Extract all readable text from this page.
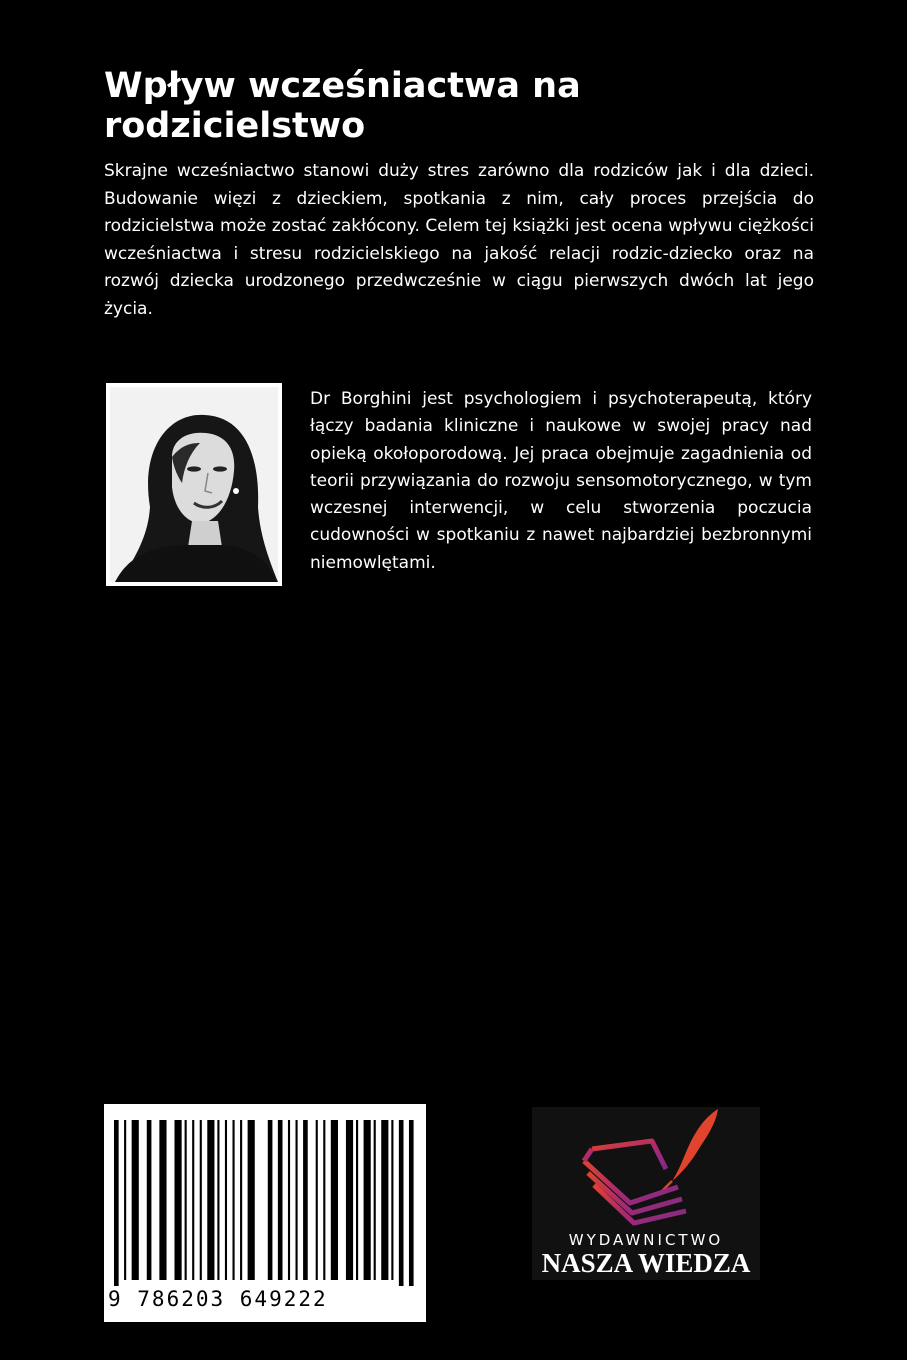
Wpływ wcześniactwa na rodzicielstwo

Skrajne wcześniactwo stanowi duży stres zarówno dla rodziców jak i dla dzieci. Budowanie więzi z dzieckiem, spotkania z nim, cały proces przejścia do rodzicielstwa może zostać zakłócony. Celem tej książki jest ocena wpływu ciężkości wcześniactwa i stresu rodzicielskiego na jakość relacji rodzic-dziecko oraz na rozwój dziecka urodzonego przedwcześnie w ciągu pierwszych dwóch lat jego życia.

Dr Borghini jest psychologiem i psychoterapeutą, który łączy badania kliniczne i naukowe w swojej pracy nad opieką okołoporodową. Jej praca obejmuje zagadnienia od teorii przywiązania do rozwoju sensomotorycznego, w tym wczesnej interwencji, w celu stworzenia poczucia cudowności w spotkaniu z nawet najbardziej bezbronnymi niemowlętami.

9 786203 649222
WYDAWNICTWO
NASZA WIEDZA
